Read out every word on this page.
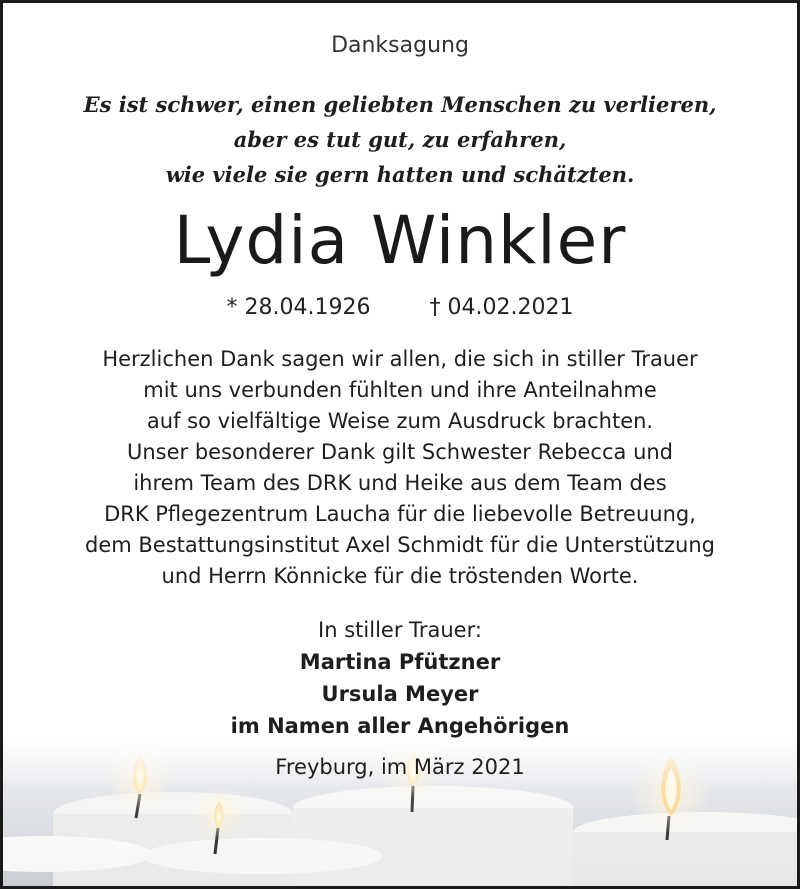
Danksagung
Es ist schwer, einen geliebten Menschen zu verlieren,
aber es tut gut, zu erfahren,
wie viele sie gern hatten und schätzten.
Lydia Winkler
* 28.04.1926	† 04.02.2021
Herzlichen Dank sagen wir allen, die sich in stiller Trauer
mit uns verbunden fühlten und ihre Anteilnahme
auf so vielfältige Weise zum Ausdruck brachten.
Unser besonderer Dank gilt Schwester Rebecca und
ihrem Team des DRK und Heike aus dem Team des
DRK Pflegezentrum Laucha für die liebevolle Betreuung,
dem Bestattungsinstitut Axel Schmidt für die Unterstützung
und Herrn Könnicke für die tröstenden Worte.
In stiller Trauer:
Martina Pfützner
Ursula Meyer
im Namen aller Angehörigen
Freyburg, im März 2021
